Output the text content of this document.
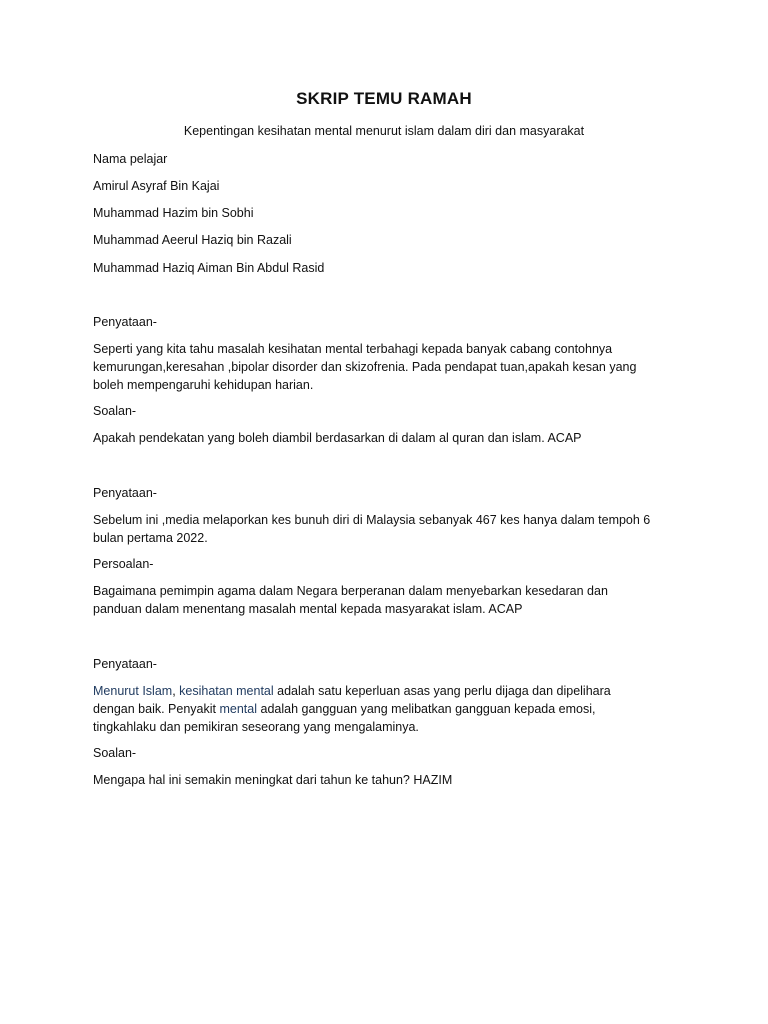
SKRIP TEMU RAMAH

Kepentingan kesihatan mental menurut islam dalam diri dan masyarakat

Nama pelajar

Amirul Asyraf Bin Kajai

Muhammad Hazim bin Sobhi

Muhammad Aeerul Haziq bin Razali

Muhammad Haziq Aiman Bin Abdul Rasid

Penyataan-

Seperti yang kita tahu masalah kesihatan mental terbahagi kepada banyak cabang contohnya
kemurungan,keresahan ,bipolar disorder dan skizofrenia. Pada pendapat tuan,apakah kesan yang
boleh mempengaruhi kehidupan harian.

Soalan-

Apakah pendekatan yang boleh diambil berdasarkan di dalam al quran dan islam. ACAP

Penyataan-

Sebelum ini ,media melaporkan kes bunuh diri di Malaysia sebanyak 467 kes hanya dalam tempoh 6
bulan pertama 2022.

Persoalan-

Bagaimana pemimpin agama dalam Negara berperanan dalam menyebarkan kesedaran dan
panduan dalam menentang masalah mental kepada masyarakat islam. ACAP

Penyataan-

Menurut Islam, kesihatan mental adalah satu keperluan asas yang perlu dijaga dan dipelihara
dengan baik. Penyakit mental adalah gangguan yang melibatkan gangguan kepada emosi,
tingkahlaku dan pemikiran seseorang yang mengalaminya.

Soalan-

Mengapa hal ini semakin meningkat dari tahun ke tahun? HAZIM
